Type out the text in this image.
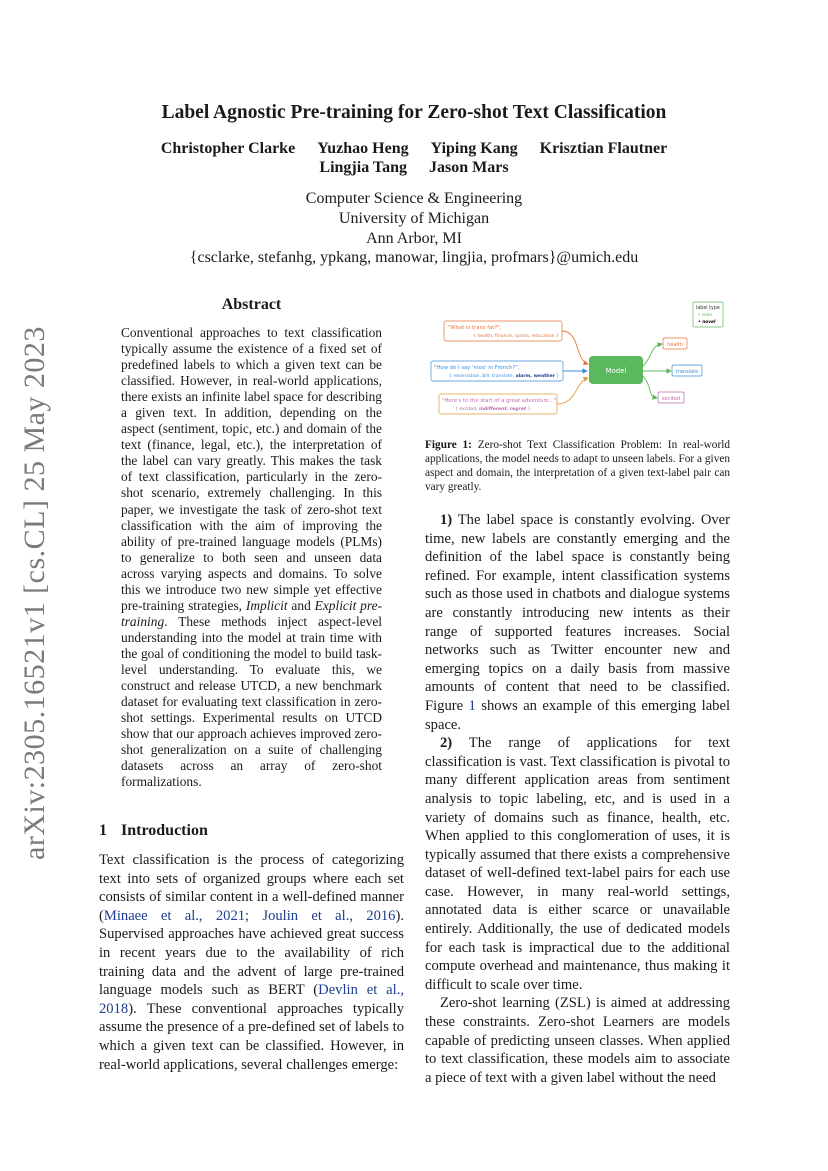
arXiv:2305.16521v1 [cs.CL] 25 May 2023
Label Agnostic Pre-training for Zero-shot Text Classification
Christopher Clarke Yuzhao Heng Yiping Kang Krisztian Flautner
Lingjia Tang Jason Mars
Computer Science & Engineering
University of Michigan
Ann Arbor, MI
{csclarke, stefanhg, ypkang, manowar, lingjia, profmars}@umich.edu
Abstract
Conventional approaches to text classification typically assume the existence of a fixed set of predefined labels to which a given text can be classified. However, in real-world applications, there exists an infinite label space for describing a given text. In addition, depending on the aspect (sentiment, topic, etc.) and domain of the text (finance, legal, etc.), the interpretation of the label can vary greatly. This makes the task of text classification, particularly in the zero-shot scenario, extremely challenging. In this paper, we investigate the task of zero-shot text classification with the aim of improving the ability of pre-trained language models (PLMs) to generalize to both seen and unseen data across varying aspects and domains. To solve this we introduce two new simple yet effective pre-training strategies, Implicit and Explicit pre-training. These methods inject aspect-level understanding into the model at train time with the goal of conditioning the model to build task-level understanding. To evaluate this, we construct and release UTCD, a new benchmark dataset for evaluating text classification in zero-shot settings. Experimental results on UTCD show that our approach achieves improved zero-shot generalization on a suite of challenging datasets across an array of zero-shot formalizations.
1 Introduction
Text classification is the process of categorizing text into sets of organized groups where each set consists of similar content in a well-defined manner (Minaee et al., 2021; Joulin et al., 2016). Supervised approaches have achieved great success in recent years due to the availability of rich training data and the advent of large pre-trained language models such as BERT (Devlin et al., 2018). These conventional approaches typically assume the presence of a pre-defined set of labels to which a given text can be classified. However, in real-world applications, several challenges emerge:
"What is trans fat?",
{ health, finance, sports, education }
"How do I say 'moo' in French?",
{ reservation, bill, translate, alarm, weather }
"Here's to the start of a great adventure...",
{ excited, indifferent, regret }
Model
health
translate
excited
label type
• seen
• novel
Figure 1: Zero-shot Text Classification Problem: In real-world applications, the model needs to adapt to unseen labels. For a given aspect and domain, the interpretation of a given text-label pair can vary greatly.

1) The label space is constantly evolving. Over time, new labels are constantly emerging and the definition of the label space is constantly being refined. For example, intent classification systems such as those used in chatbots and dialogue systems are constantly introducing new intents as their range of supported features increases. Social networks such as Twitter encounter new and emerging topics on a daily basis from massive amounts of content that need to be classified. Figure 1 shows an example of this emerging label space.

2) The range of applications for text classification is vast. Text classification is pivotal to many different application areas from sentiment analysis to topic labeling, etc, and is used in a variety of domains such as finance, health, etc. When applied to this conglomeration of uses, it is typically assumed that there exists a comprehensive dataset of well-defined text-label pairs for each use case. However, in many real-world settings, annotated data is either scarce or unavailable entirely. Additionally, the use of dedicated models for each task is impractical due to the additional compute overhead and maintenance, thus making it difficult to scale over time.

Zero-shot learning (ZSL) is aimed at addressing these constraints. Zero-shot Learners are models capable of predicting unseen classes. When applied to text classification, these models aim to associate a piece of text with a given label without the need
